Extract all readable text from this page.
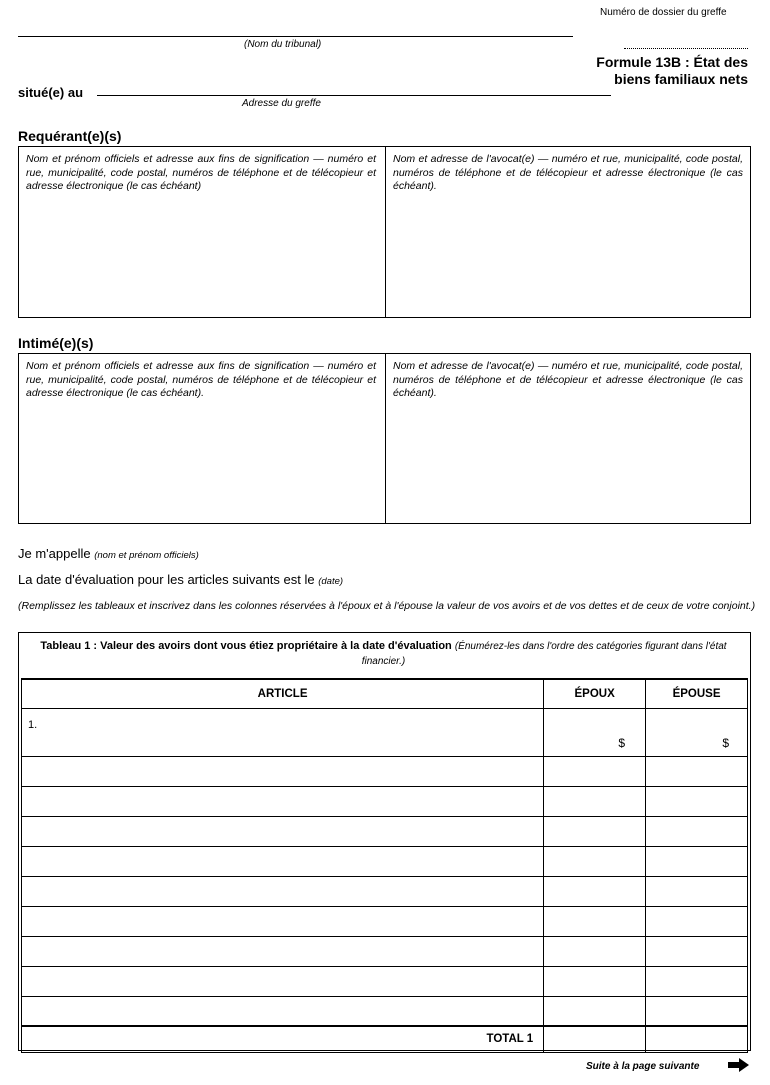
Numéro de dossier du greffe
(Nom du tribunal)
Formule 13B : État des
biens familiaux nets
situé(e) au
Adresse du greffe
Requérant(e)(s)
Nom et prénom officiels et adresse aux fins de signification — numéro et rue, municipalité, code postal, numéros de téléphone et de télécopieur et adresse électronique (le cas échéant)
Nom et adresse de l'avocat(e) — numéro et rue, municipalité, code postal, numéros de téléphone et de télécopieur et adresse électronique (le cas échéant).
Intimé(e)(s)
Nom et prénom officiels et adresse aux fins de signification — numéro et rue, municipalité, code postal, numéros de téléphone et de télécopieur et adresse électronique (le cas échéant).
Nom et adresse de l'avocat(e) — numéro et rue, municipalité, code postal, numéros de téléphone et de télécopieur et adresse électronique (le cas échéant).
Je m'appelle (nom et prénom officiels)
La date d'évaluation pour les articles suivants est le (date)
(Remplissez les tableaux et inscrivez dans les colonnes réservées à l'époux et à l'épouse la valeur de vos avoirs et de vos dettes et de ceux de votre conjoint.)
Tableau 1 : Valeur des avoirs dont vous étiez propriétaire à la date d'évaluation (Énumérez-les dans l'ordre des catégories figurant dans l'état financier.)
ARTICLE	ÉPOUX	ÉPOUSE
1.	$	$

TOTAL 1		
Suite à la page suivante
